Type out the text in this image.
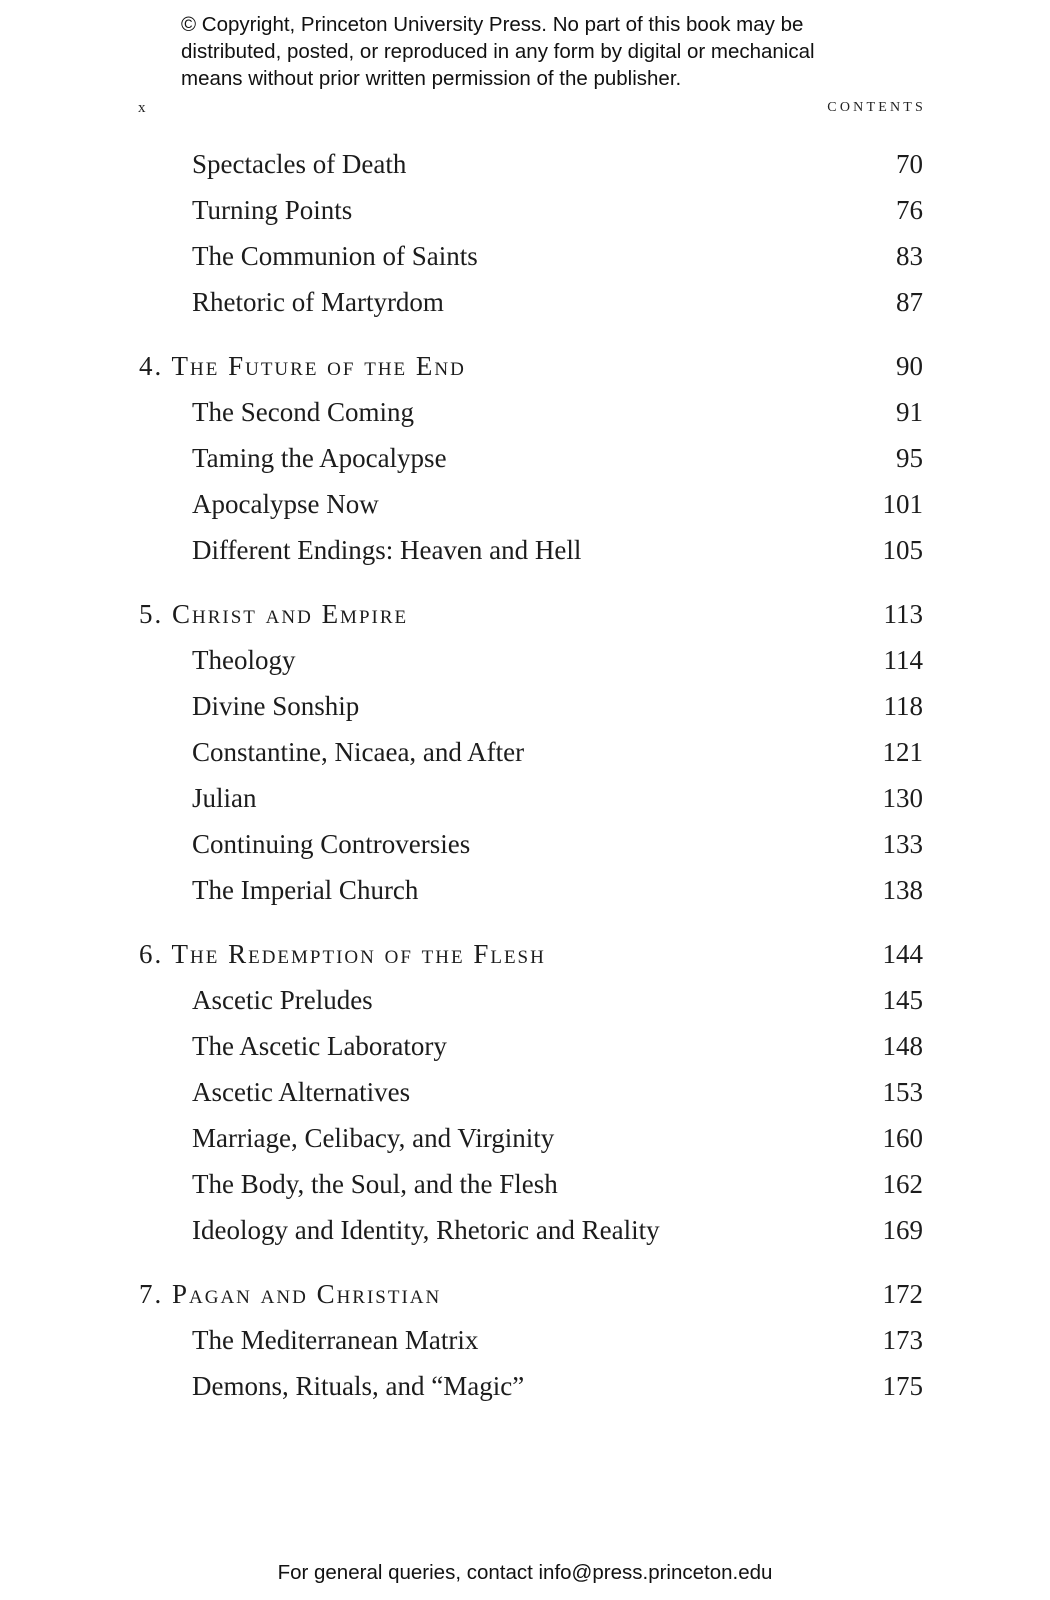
© Copyright, Princeton University Press. No part of this book may be
distributed, posted, or reproduced in any form by digital or mechanical
means without prior written permission of the publisher.
x	CONTENTS
Spectacles of Death	70
Turning Points	76
The Communion of Saints	83
Rhetoric of Martyrdom	87
4. The Future of the End	90
The Second Coming	91
Taming the Apocalypse	95
Apocalypse Now	101
Different Endings: Heaven and Hell	105
5. Christ and Empire	113
Theology	114
Divine Sonship	118
Constantine, Nicaea, and After	121
Julian	130
Continuing Controversies	133
The Imperial Church	138
6. The Redemption of the Flesh	144
Ascetic Preludes	145
The Ascetic Laboratory	148
Ascetic Alternatives	153
Marriage, Celibacy, and Virginity	160
The Body, the Soul, and the Flesh	162
Ideology and Identity, Rhetoric and Reality	169
7. Pagan and Christian	172
The Mediterranean Matrix	173
Demons, Rituals, and “Magic”	175
For general queries, contact info@press.princeton.edu
